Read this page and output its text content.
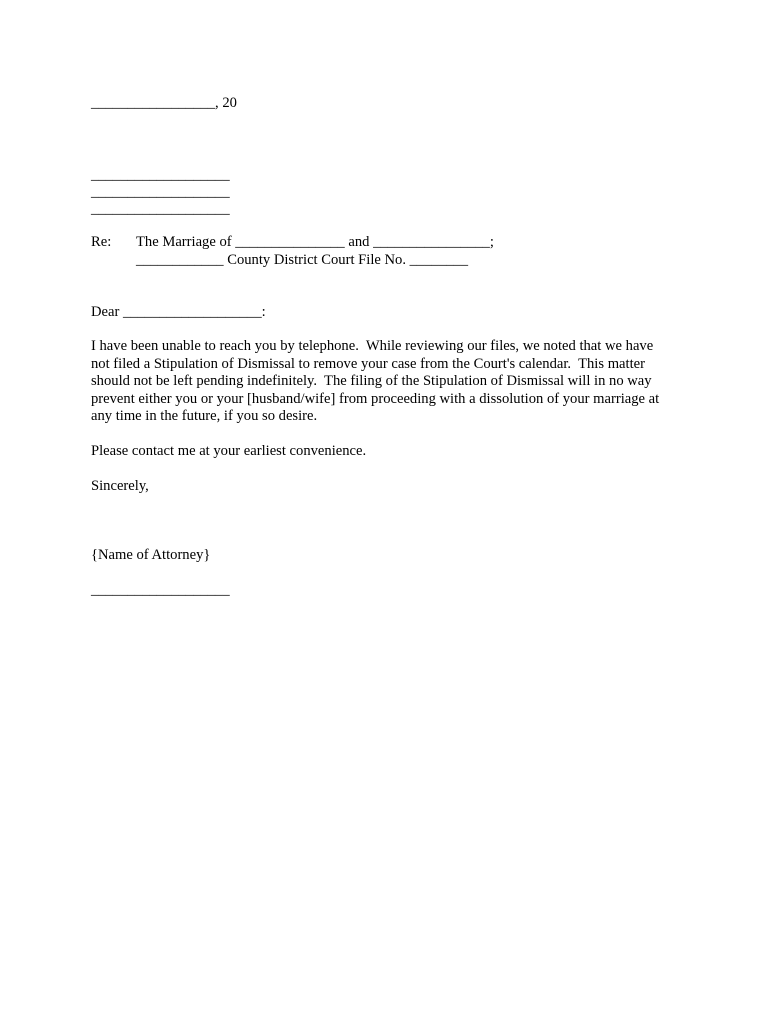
_________________, 20
___________________
___________________
___________________
Re: The Marriage of _______________ and ________________;
____________ County District Court File No. ________
Dear ___________________:
I have been unable to reach you by telephone.  While reviewing our files, we noted that we have
not filed a Stipulation of Dismissal to remove your case from the Court's calendar.  This matter
should not be left pending indefinitely.  The filing of the Stipulation of Dismissal will in no way
prevent either you or your [husband/wife] from proceeding with a dissolution of your marriage at
any time in the future, if you so desire.
Please contact me at your earliest convenience.
Sincerely,
{Name of Attorney}
___________________
